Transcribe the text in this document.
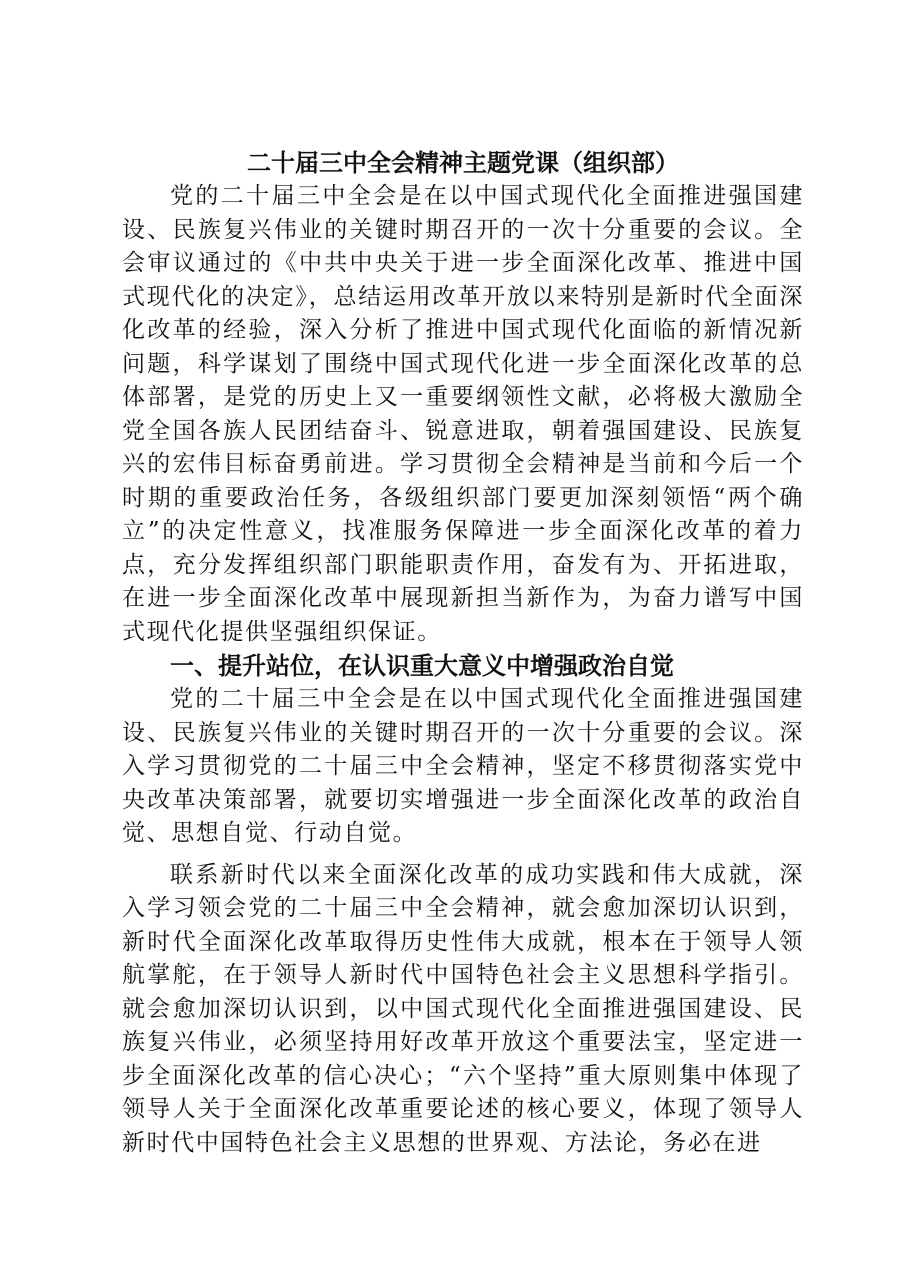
二十届三中全会精神主题党课（组织部）

党的二十届三中全会是在以中国式现代化全面推进强国建设、民族复兴伟业的关键时期召开的一次十分重要的会议。全会审议通过的《中共中央关于进一步全面深化改革、推进中国式现代化的决定》，总结运用改革开放以来特别是新时代全面深化改革的经验，深入分析了推进中国式现代化面临的新情况新问题，科学谋划了围绕中国式现代化进一步全面深化改革的总体部署，是党的历史上又一重要纲领性文献，必将极大激励全党全国各族人民团结奋斗、锐意进取，朝着强国建设、民族复兴的宏伟目标奋勇前进。学习贯彻全会精神是当前和今后一个时期的重要政治任务，各级组织部门要更加深刻领悟“两个确立”的决定性意义，找准服务保障进一步全面深化改革的着力点，充分发挥组织部门职能职责作用，奋发有为、开拓进取，在进一步全面深化改革中展现新担当新作为，为奋力谱写中国式现代化提供坚强组织保证。

一、提升站位，在认识重大意义中增强政治自觉

党的二十届三中全会是在以中国式现代化全面推进强国建设、民族复兴伟业的关键时期召开的一次十分重要的会议。深入学习贯彻党的二十届三中全会精神，坚定不移贯彻落实党中央改革决策部署，就要切实增强进一步全面深化改革的政治自觉、思想自觉、行动自觉。

联系新时代以来全面深化改革的成功实践和伟大成就，深入学习领会党的二十届三中全会精神，就会愈加深切认识到，新时代全面深化改革取得历史性伟大成就，根本在于领导人领航掌舵，在于领导人新时代中国特色社会主义思想科学指引。就会愈加深切认识到，以中国式现代化全面推进强国建设、民族复兴伟业，必须坚持用好改革开放这个重要法宝，坚定进一步全面深化改革的信心决心；“六个坚持”重大原则集中体现了领导人关于全面深化改革重要论述的核心要义，体现了领导人新时代中国特色社会主义思想的世界观、方法论，务必在进
